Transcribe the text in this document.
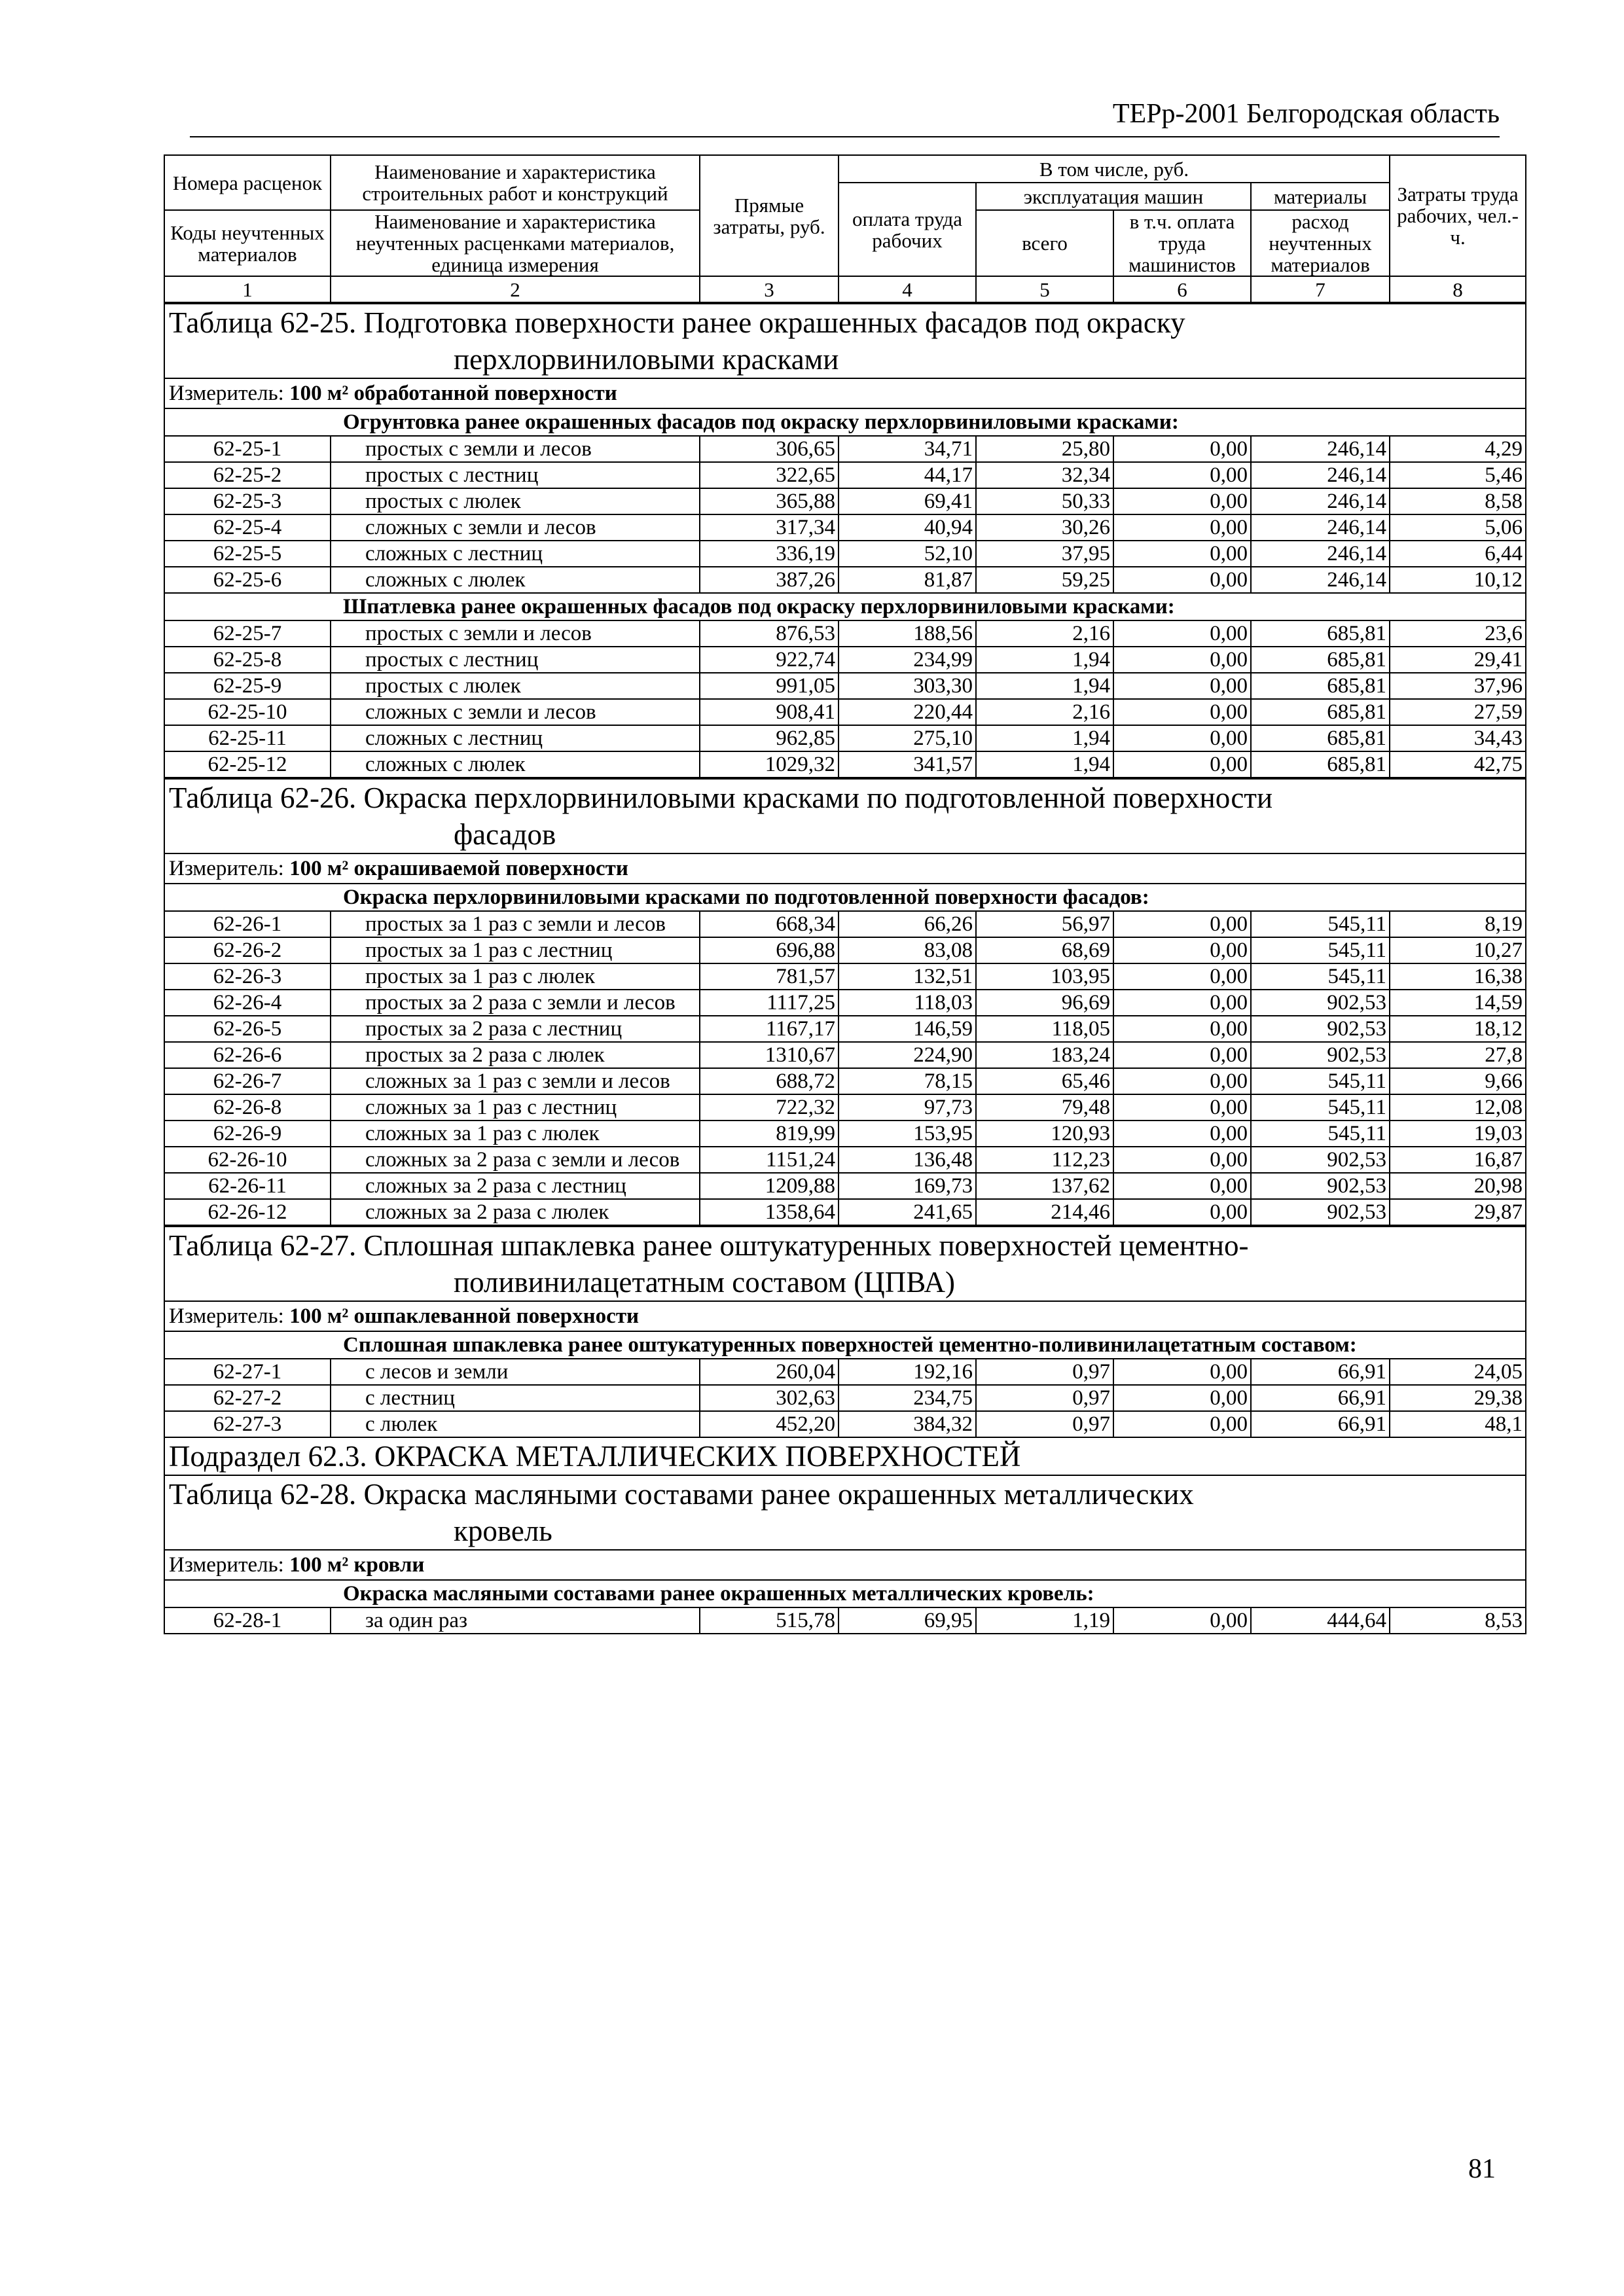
ТЕРр-2001 Белгородская область
Номера расценок	Наименование и характеристика строительных работ и конструкций	Прямые затраты, руб.	В том числе, руб.				Затраты труда рабочих, чел.-ч.
			оплата труда рабочих	эксплуатация машин		материалы	
Коды неучтенных материалов	Наименование и характеристика неучтенных расценками материалов, единица измерения			всего	в т.ч. оплата труда машинистов	расход неучтенных материалов	

1	2	3	4	5	6	7	8

Таблица 62-25. Подготовка поверхности ранее окрашенных фасадов под окраску
перхлорвиниловыми красками							

Измеритель: 100 м² обработанной поверхности							
Огрунтовка ранее окрашенных фасадов под окраску перхлорвиниловыми красками:							
62-25-1	простых с земли и лесов	306,65	34,71	25,80	0,00	246,14	4,29
62-25-2	простых с лестниц	322,65	44,17	32,34	0,00	246,14	5,46
62-25-3	простых с люлек	365,88	69,41	50,33	0,00	246,14	8,58
62-25-4	сложных с земли и лесов	317,34	40,94	30,26	0,00	246,14	5,06
62-25-5	сложных с лестниц	336,19	52,10	37,95	0,00	246,14	6,44
62-25-6	сложных с люлек	387,26	81,87	59,25	0,00	246,14	10,12
Шпатлевка ранее окрашенных фасадов под окраску перхлорвиниловыми красками:							
62-25-7	простых с земли и лесов	876,53	188,56	2,16	0,00	685,81	23,6
62-25-8	простых с лестниц	922,74	234,99	1,94	0,00	685,81	29,41
62-25-9	простых с люлек	991,05	303,30	1,94	0,00	685,81	37,96
62-25-10	сложных с земли и лесов	908,41	220,44	2,16	0,00	685,81	27,59
62-25-11	сложных с лестниц	962,85	275,10	1,94	0,00	685,81	34,43
62-25-12	сложных с люлек	1029,32	341,57	1,94	0,00	685,81	42,75

Таблица 62-26. Окраска перхлорвиниловыми красками по подготовленной поверхности
фасадов							

Измеритель: 100 м² окрашиваемой поверхности							
Окраска перхлорвиниловыми красками по подготовленной поверхности фасадов:							
62-26-1	простых за 1 раз с земли и лесов	668,34	66,26	56,97	0,00	545,11	8,19
62-26-2	простых за 1 раз с лестниц	696,88	83,08	68,69	0,00	545,11	10,27
62-26-3	простых за 1 раз с люлек	781,57	132,51	103,95	0,00	545,11	16,38
62-26-4	простых за 2 раза с земли и лесов	1117,25	118,03	96,69	0,00	902,53	14,59
62-26-5	простых за 2 раза с лестниц	1167,17	146,59	118,05	0,00	902,53	18,12
62-26-6	простых за 2 раза с люлек	1310,67	224,90	183,24	0,00	902,53	27,8
62-26-7	сложных за 1 раз с земли и лесов	688,72	78,15	65,46	0,00	545,11	9,66
62-26-8	сложных за 1 раз с лестниц	722,32	97,73	79,48	0,00	545,11	12,08
62-26-9	сложных за 1 раз с люлек	819,99	153,95	120,93	0,00	545,11	19,03
62-26-10	сложных за 2 раза с земли и лесов	1151,24	136,48	112,23	0,00	902,53	16,87
62-26-11	сложных за 2 раза с лестниц	1209,88	169,73	137,62	0,00	902,53	20,98
62-26-12	сложных за 2 раза с люлек	1358,64	241,65	214,46	0,00	902,53	29,87

Таблица 62-27. Сплошная шпаклевка ранее оштукатуренных поверхностей цементно-
поливинилацетатным составом (ЦПВА)							

Измеритель: 100 м² ошпаклеванной поверхности							
Сплошная шпаклевка ранее оштукатуренных поверхностей цементно-поливинилацетатным составом:							
62-27-1	с лесов и земли	260,04	192,16	0,97	0,00	66,91	24,05
62-27-2	с лестниц	302,63	234,75	0,97	0,00	66,91	29,38
62-27-3	с люлек	452,20	384,32	0,97	0,00	66,91	48,1
Подраздел 62.3. ОКРАСКА МЕТАЛЛИЧЕСКИХ ПОВЕРХНОСТЕЙ							
Таблица 62-28. Окраска масляными составами ранее окрашенных металлических
кровель							

Измеритель: 100 м² кровли							
Окраска масляными составами ранее окрашенных металлических кровель:							
62-28-1	за один раз	515,78	69,95	1,19	0,00	444,64	8,53

81
